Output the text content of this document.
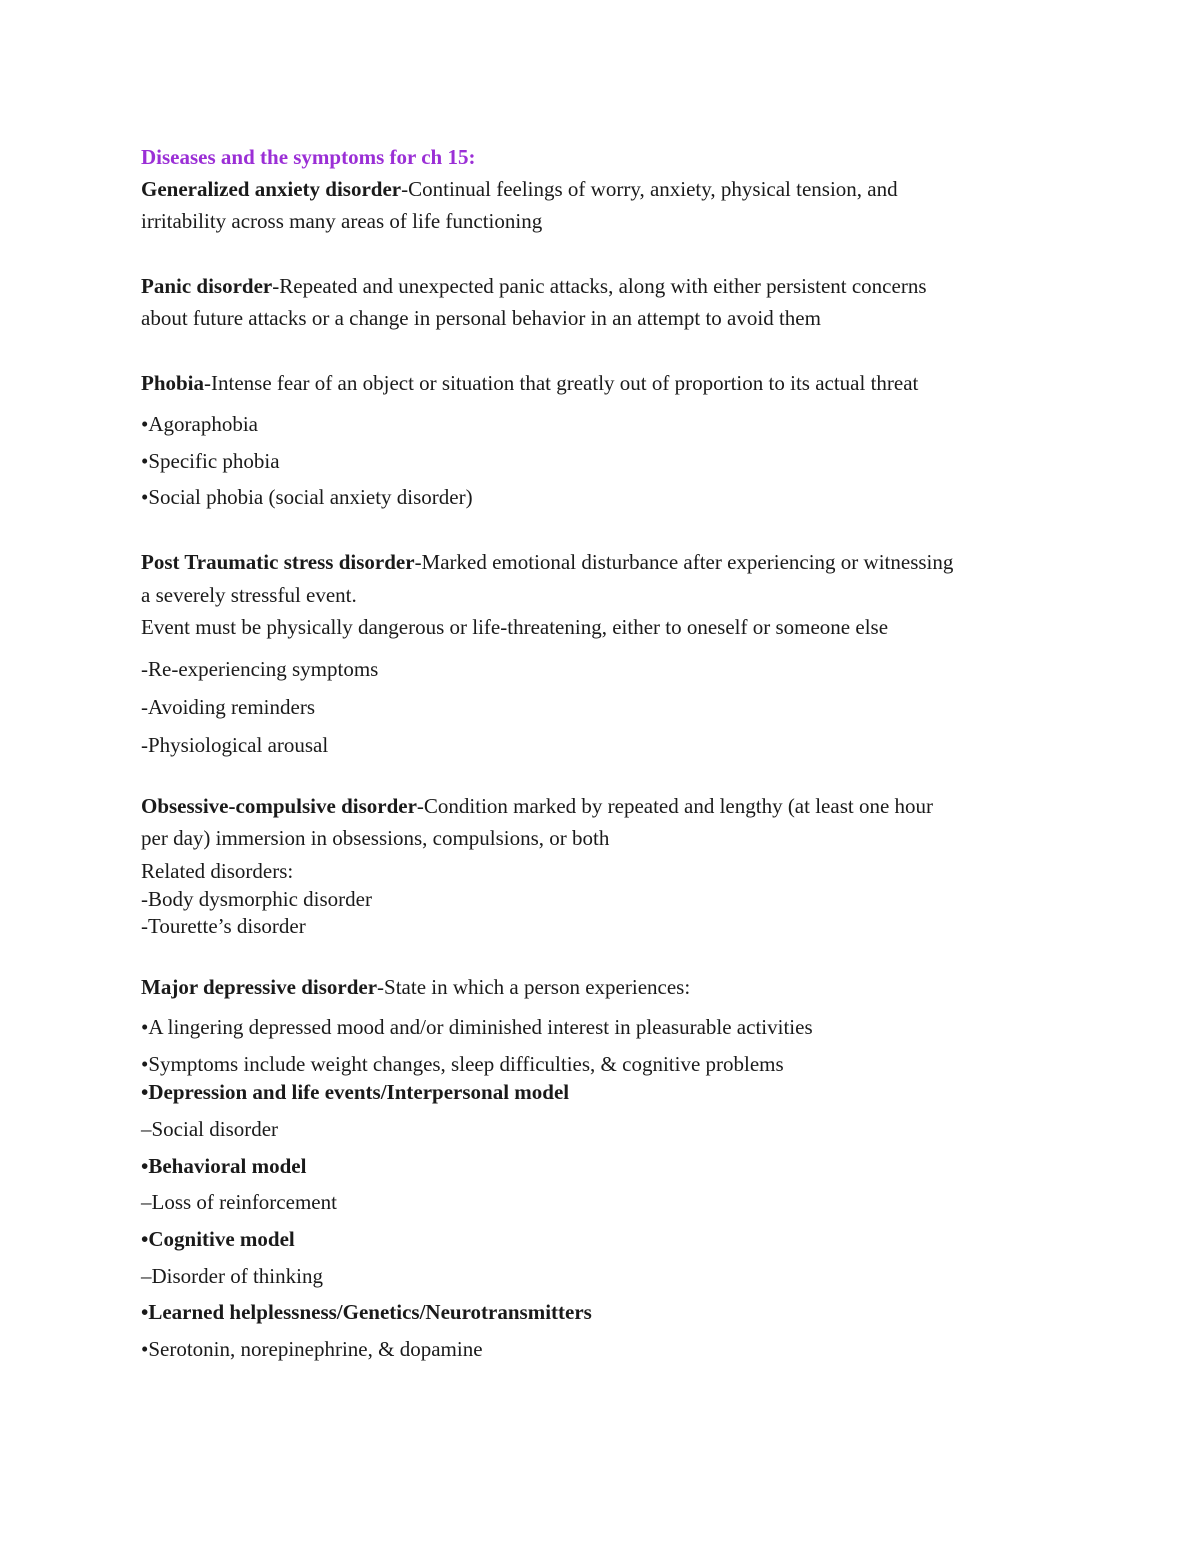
Diseases and the symptoms for ch 15:
Generalized anxiety disorder-Continual feelings of worry, anxiety, physical tension, and
irritability across many areas of life functioning
Panic disorder-Repeated and unexpected panic attacks, along with either persistent concerns
about future attacks or a change in personal behavior in an attempt to avoid them
Phobia-Intense fear of an object or situation that greatly out of proportion to its actual threat
•Agoraphobia
•Specific phobia
•Social phobia (social anxiety disorder)
Post Traumatic stress disorder-Marked emotional disturbance after experiencing or witnessing
a severely stressful event.
Event must be physically dangerous or life-threatening, either to oneself or someone else
-Re-experiencing symptoms
-Avoiding reminders
-Physiological arousal
Obsessive-compulsive disorder-Condition marked by repeated and lengthy (at least one hour
per day) immersion in obsessions, compulsions, or both
Related disorders:
-Body dysmorphic disorder
-Tourette’s disorder
Major depressive disorder-State in which a person experiences:
•A lingering depressed mood and/or diminished interest in pleasurable activities
•Symptoms include weight changes, sleep difficulties, & cognitive problems
•Depression and life events/Interpersonal model
–Social disorder
•Behavioral model
–Loss of reinforcement
•Cognitive model
–Disorder of thinking
•Learned helplessness/Genetics/Neurotransmitters
•Serotonin, norepinephrine, & dopamine
